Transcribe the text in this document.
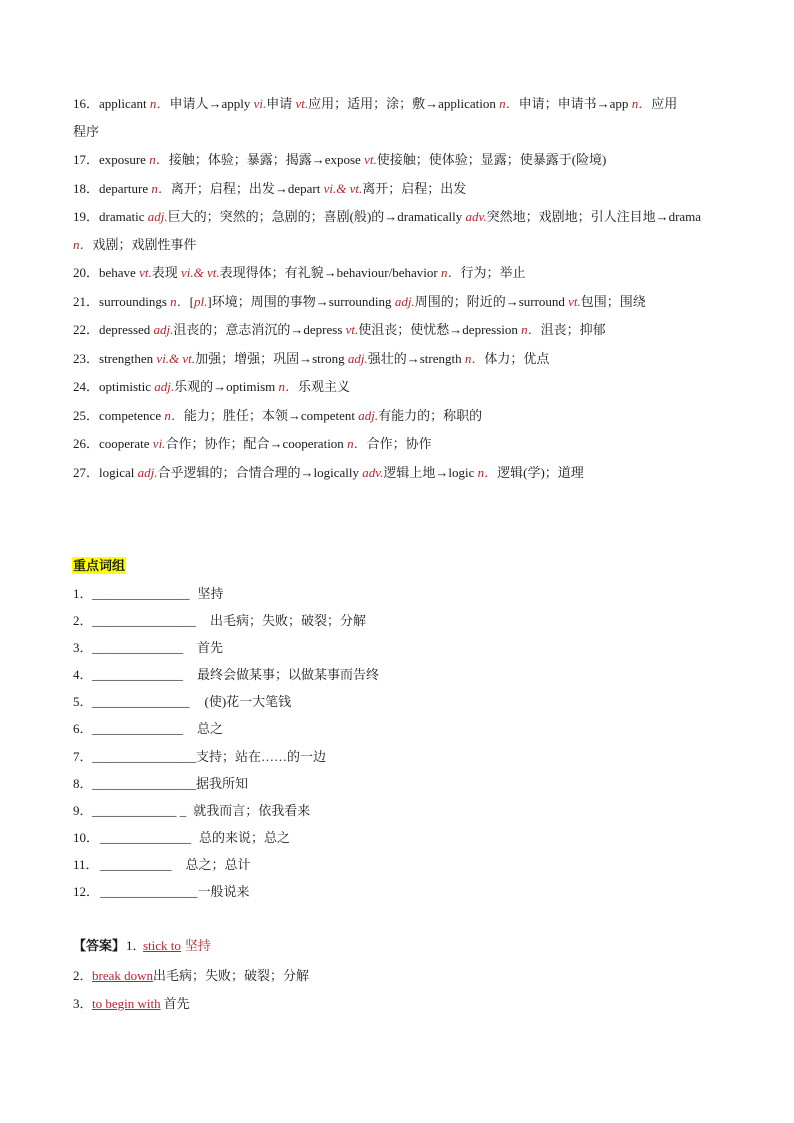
16．applicant n．申请人→apply vi.申请 vt.应用；适用；涂；敷→application n．申请；申请书→app n．应用
程序
17．exposure n．接触；体验；暴露；揭露→expose vt.使接触；使体验；显露；使暴露于(险境)
18．departure n．离开；启程；出发→depart vi.& vt.离开；启程；出发
19．dramatic adj.巨大的；突然的；急剧的；喜剧(般)的→dramatically adv.突然地；戏剧地；引人注目地→drama
n．戏剧；戏剧性事件
20．behave vt.表现 vi.& vt.表现得体；有礼貌→behaviour/behavior n．行为；举止
21．surroundings n．[pl.]环境；周围的事物→surrounding adj.周围的；附近的→surround vt.包围；围绕
22．depressed adj.沮丧的；意志消沉的→depress vt.使沮丧；使忧愁→depression n．沮丧；抑郁
23．strengthen vi.& vt.加强；增强；巩固→strong adj.强壮的→strength n．体力；优点
24．optimistic adj.乐观的→optimism n．乐观主义
25．competence n．能力；胜任；本领→competent adj.有能力的；称职的
26．cooperate vi.合作；协作；配合→cooperation n．合作；协作
27．logical adj.合乎逻辑的；合情合理的→logically adv.逻辑上地→logic n．逻辑(学)；道理
重点词组
1．_______________ 坚持
2．________________ 出毛病；失败；破裂；分解
3．______________ 首先
4．______________ 最终会做某事；以做某事而告终
5．_______________ (使)花一大笔钱
6．______________ 总之
7．________________支持；站在……的一边
8．________________据我所知
9．_____________ _ 就我而言；依我看来
10．______________ 总的来说；总之
11．___________ 总之；总计
12．_______________一般说来
【答案】1．stick to 坚持
2．break down出毛病；失败；破裂；分解
3．to begin with 首先
